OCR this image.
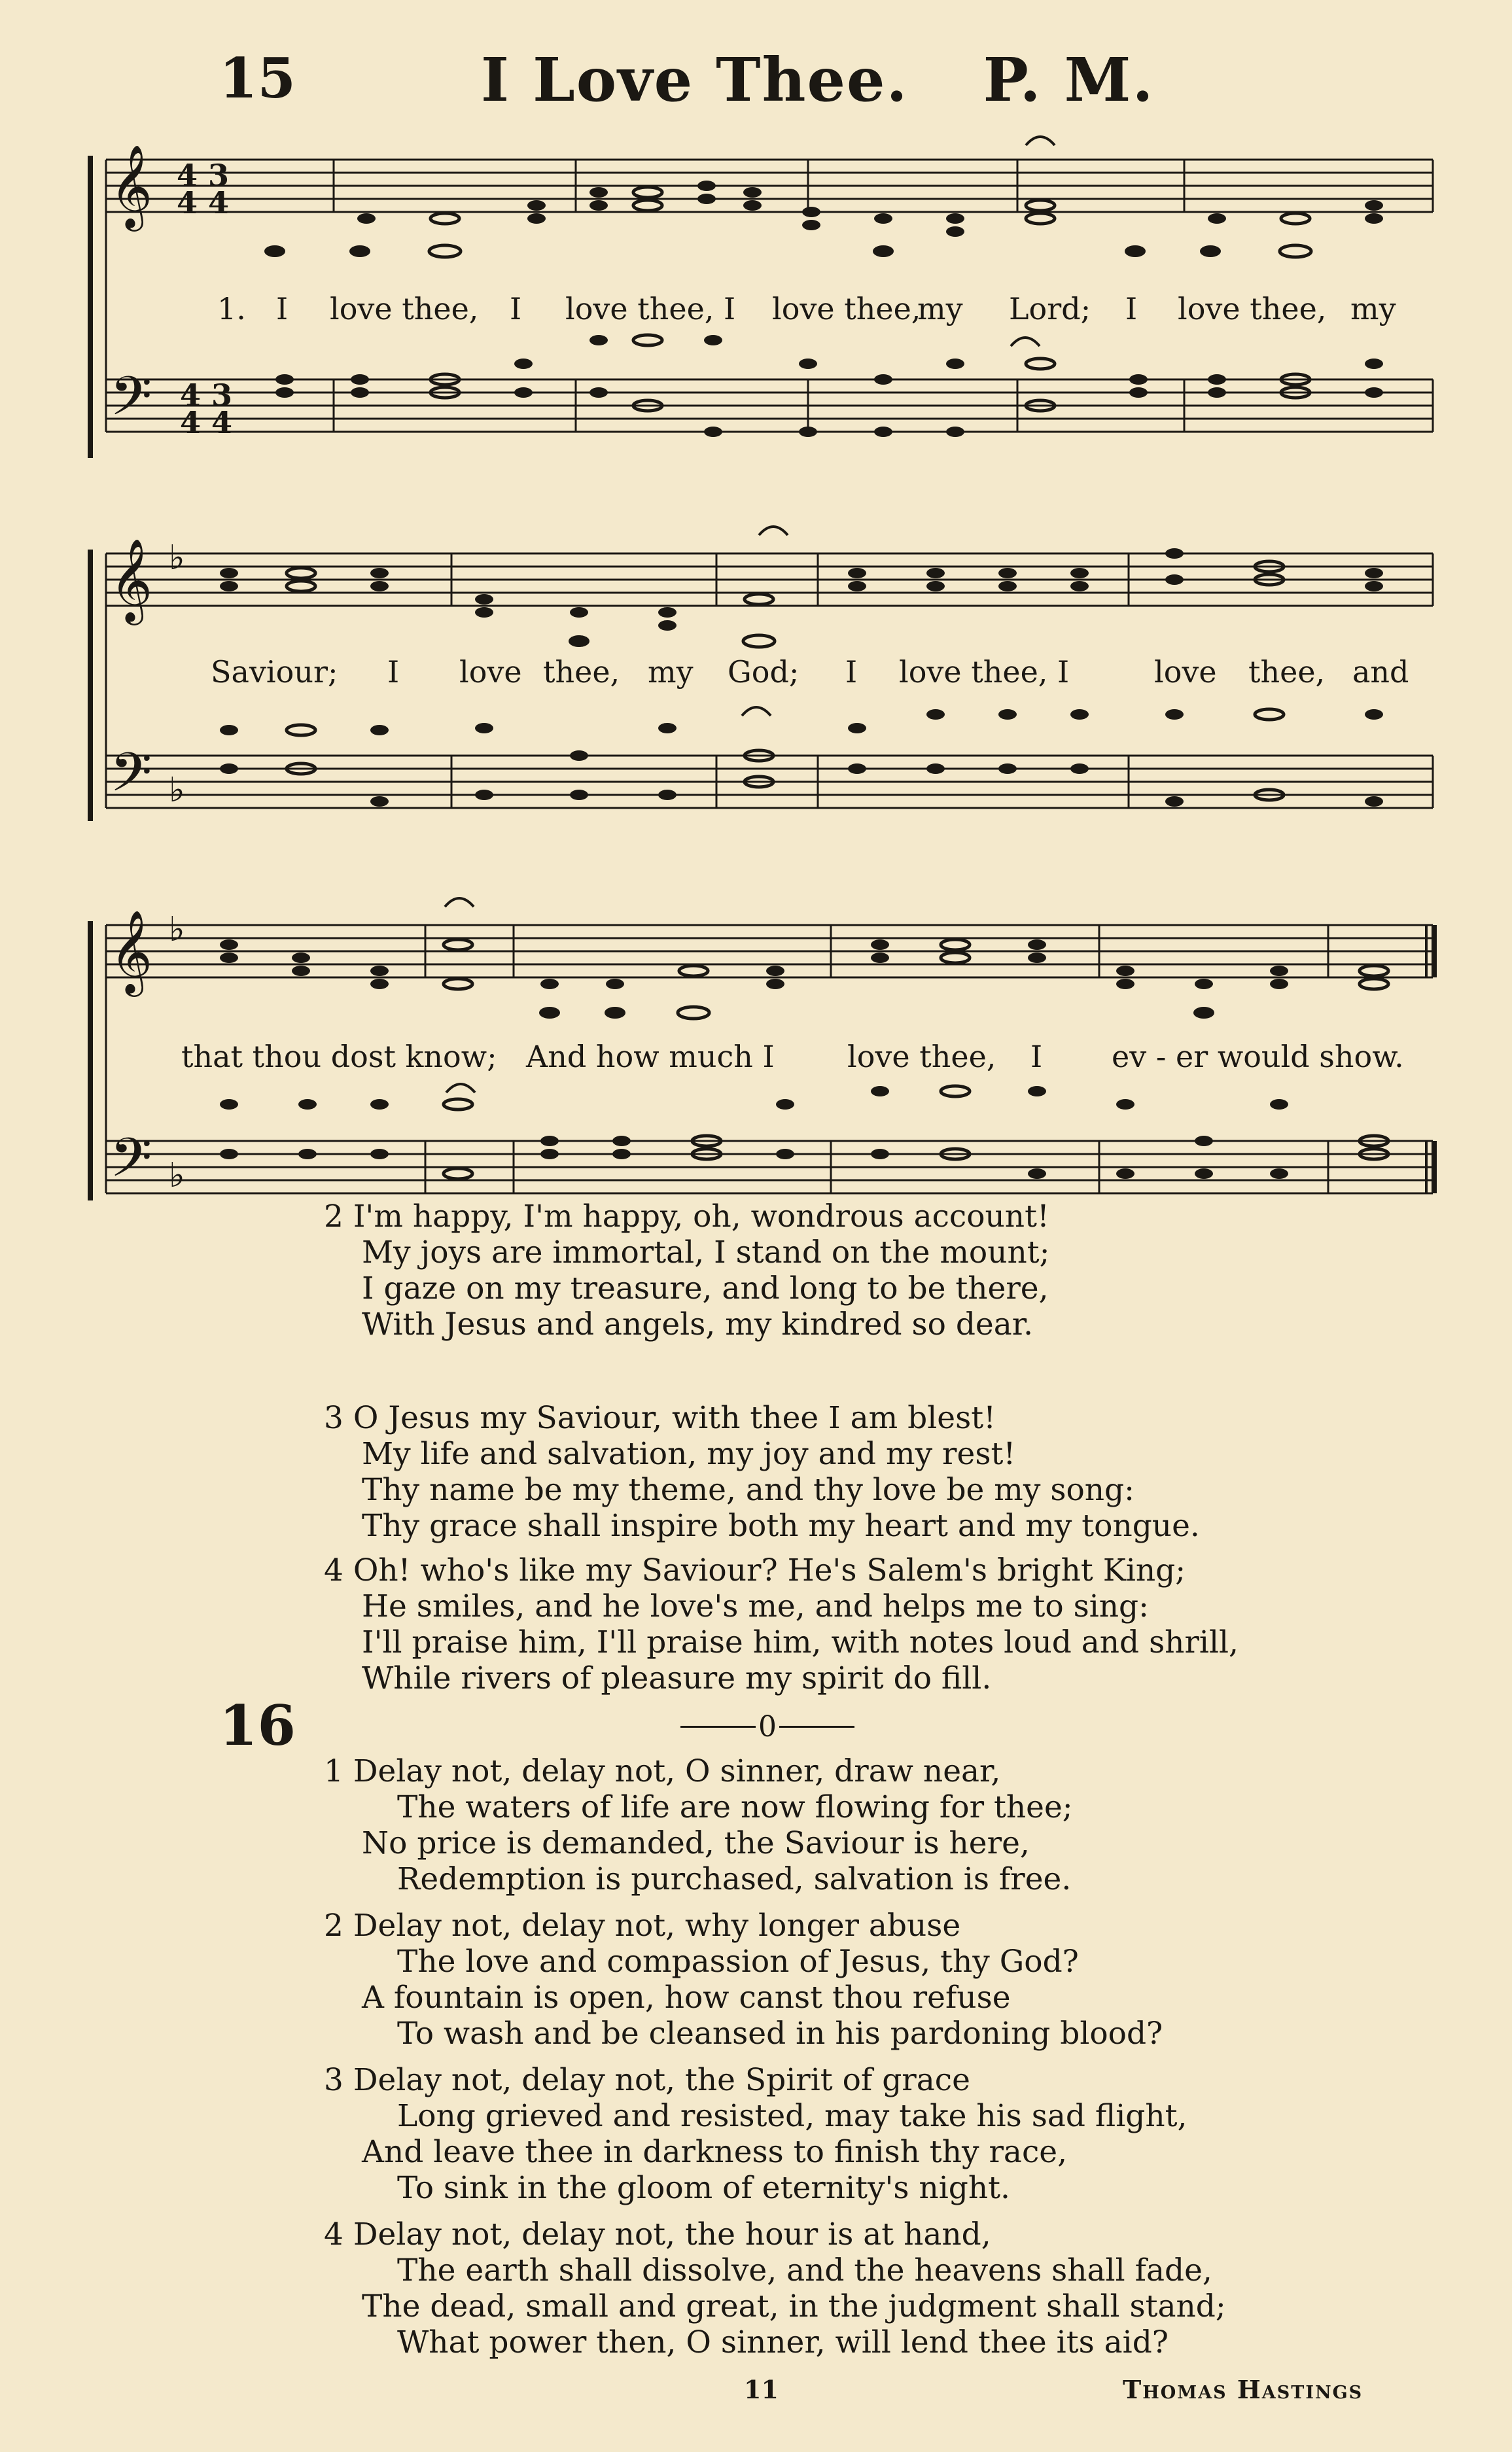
15	I Love Thee. P. M.
𝄞
𝄢
4 3
4 4
4 3
4 4
𝄞
𝄢
♭
♭
𝄞
𝄢
♭
♭
1. I love thee, I love thee, I love thee,
my Lord; I love thee, my
Saviour; I love thee, my God; I love thee, I	love thee, and
that thou dost know; And how much I love thee, I ev - er would show.
2 I'm happy, I'm happy, oh, wondrous account!
My joys are immortal, I stand on the mount;
I gaze on my treasure, and long to be there,
With Jesus and angels, my kindred so dear.
3 O Jesus my Saviour, with thee I am blest!
My life and salvation, my joy and my rest!
Thy name be my theme, and thy love be my song:
Thy grace shall inspire both my heart and my tongue.
4 Oh! who's like my Saviour? He's Salem's bright King;
He smiles, and he love's me, and helps me to sing:
I'll praise him, I'll praise him, with notes loud and shrill,
While rivers of pleasure my spirit do fill.
16	0
1 Delay not, delay not, O sinner, draw near,
The waters of life are now flowing for thee;
No price is demanded, the Saviour is here,
Redemption is purchased, salvation is free.
2 Delay not, delay not, why longer abuse
The love and compassion of Jesus, thy God?
A fountain is open, how canst thou refuse
To wash and be cleansed in his pardoning blood?
3 Delay not, delay not, the Spirit of grace
Long grieved and resisted, may take his sad flight,
And leave thee in darkness to finish thy race,
To sink in the gloom of eternity's night.
4 Delay not, delay not, the hour is at hand,
The earth shall dissolve, and the heavens shall fade,
The dead, small and great, in the judgment shall stand;
What power then, O sinner, will lend thee its aid?
11	Thomas Hastings
